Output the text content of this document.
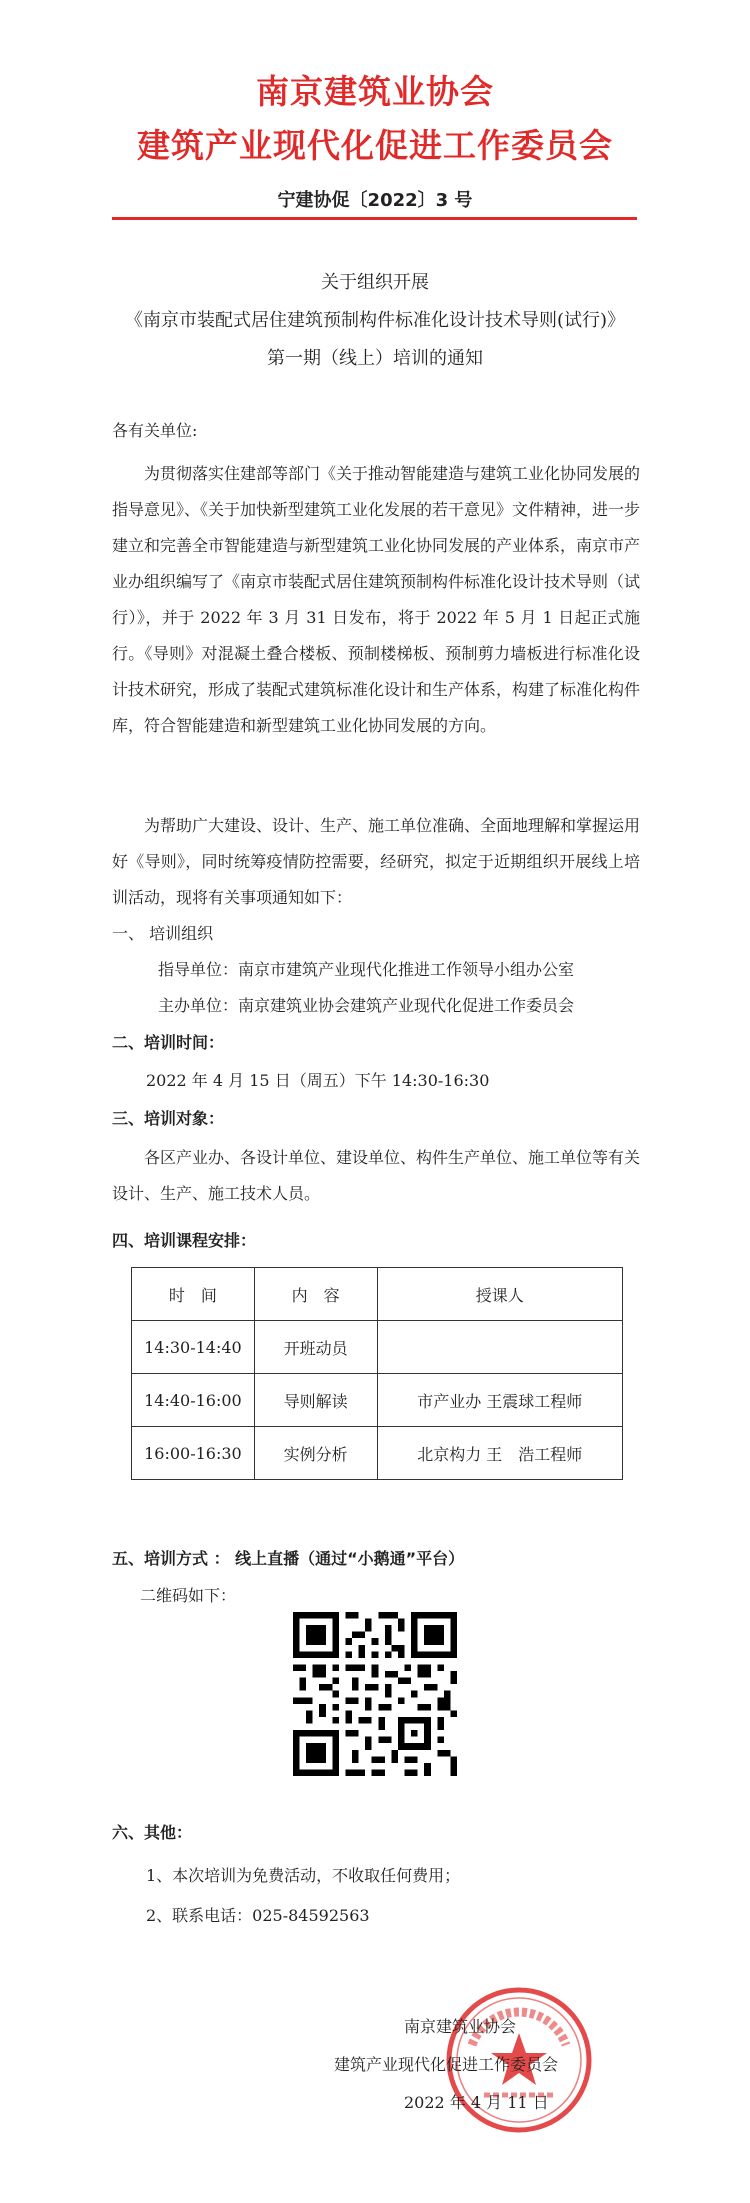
南京建筑业协会
建筑产业现代化促进工作委员会
宁建协促〔2022〕3 号
关于组织开展
《南京市装配式居住建筑预制构件标准化设计技术导则(试行)》
第一期（线上）培训的通知
各有关单位:
为贯彻落实住建部等部门《关于推动智能建造与建筑工业化协同发展的指导意见》、《关于加快新型建筑工业化发展的若干意见》文件精神，进一步建立和完善全市智能建造与新型建筑工业化协同发展的产业体系，南京市产业办组织编写了《南京市装配式居住建筑预制构件标准化设计技术导则（试行）》，并于 2022 年 3 月 31 日发布，将于 2022 年 5 月 1 日起正式施行。《导则》对混凝土叠合楼板、预制楼梯板、预制剪力墙板进行标准化设计技术研究，形成了装配式建筑标准化设计和生产体系，构建了标准化构件库，符合智能建造和新型建筑工业化协同发展的方向。
为帮助广大建设、设计、生产、施工单位准确、全面地理解和掌握运用好《导则》，同时统筹疫情防控需要，经研究，拟定于近期组织开展线上培训活动，现将有关事项通知如下：
一、 培训组织
指导单位：南京市建筑产业现代化推进工作领导小组办公室
主办单位：南京建筑业协会建筑产业现代化促进工作委员会
二、培训时间：
2022 年 4 月 15 日（周五）下午 14:30-16:30
三、培训对象：
各区产业办、各设计单位、建设单位、构件生产单位、施工单位等有关设计、生产、施工技术人员。
四、培训课程安排：
时　间	内　容	授课人
14:30-14:40	开班动员	
14:40-16:00	导则解读	市产业办 王震球工程师
16:00-16:30	实例分析	北京构力 王　浩工程师
五、培训方式 ： 线上直播（通过“小鹅通”平台）
二维码如下：
六、其他：
1、本次培训为免费活动，不收取任何费用；
2、联系电话：025-84592563
南京建筑业协会
建筑产业现代化促进工作委员会
2022 年 4 月 11 日
